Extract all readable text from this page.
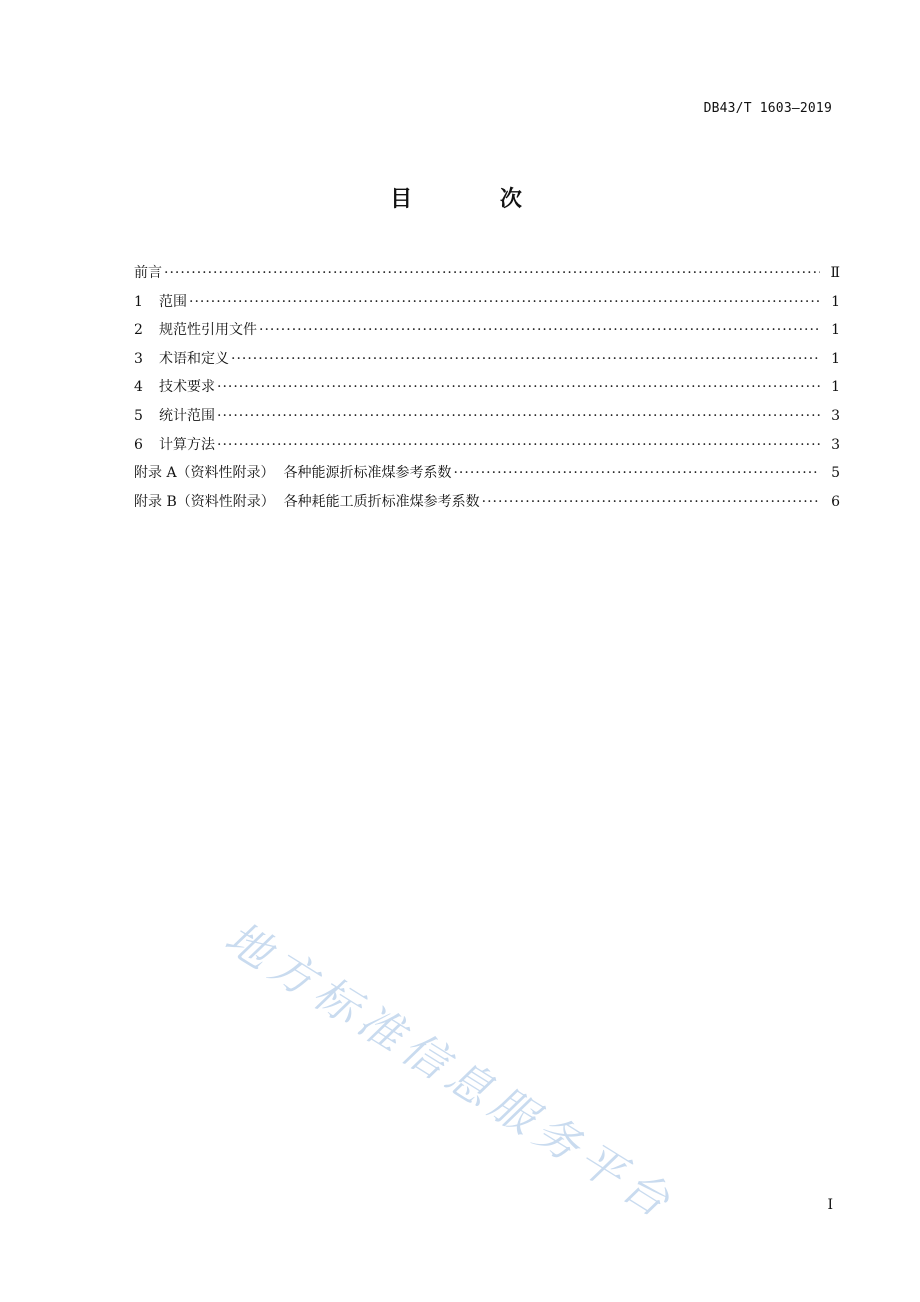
DB43/T 1603—2019
目 次
前言 ·····	Ⅱ
1	范围 ·····	1
2	规范性引用文件 ·····	1
3	术语和定义 ·····	1
4	技术要求 ·····	1
5	统计范围 ·····	3
6	计算方法 ·····	3
附录 A（资料性附录）  各种能源折标准煤参考系数 ·····	5
附录 B（资料性附录）  各种耗能工质折标准煤参考系数 ·····	6
地方标准信息服务平台	I
